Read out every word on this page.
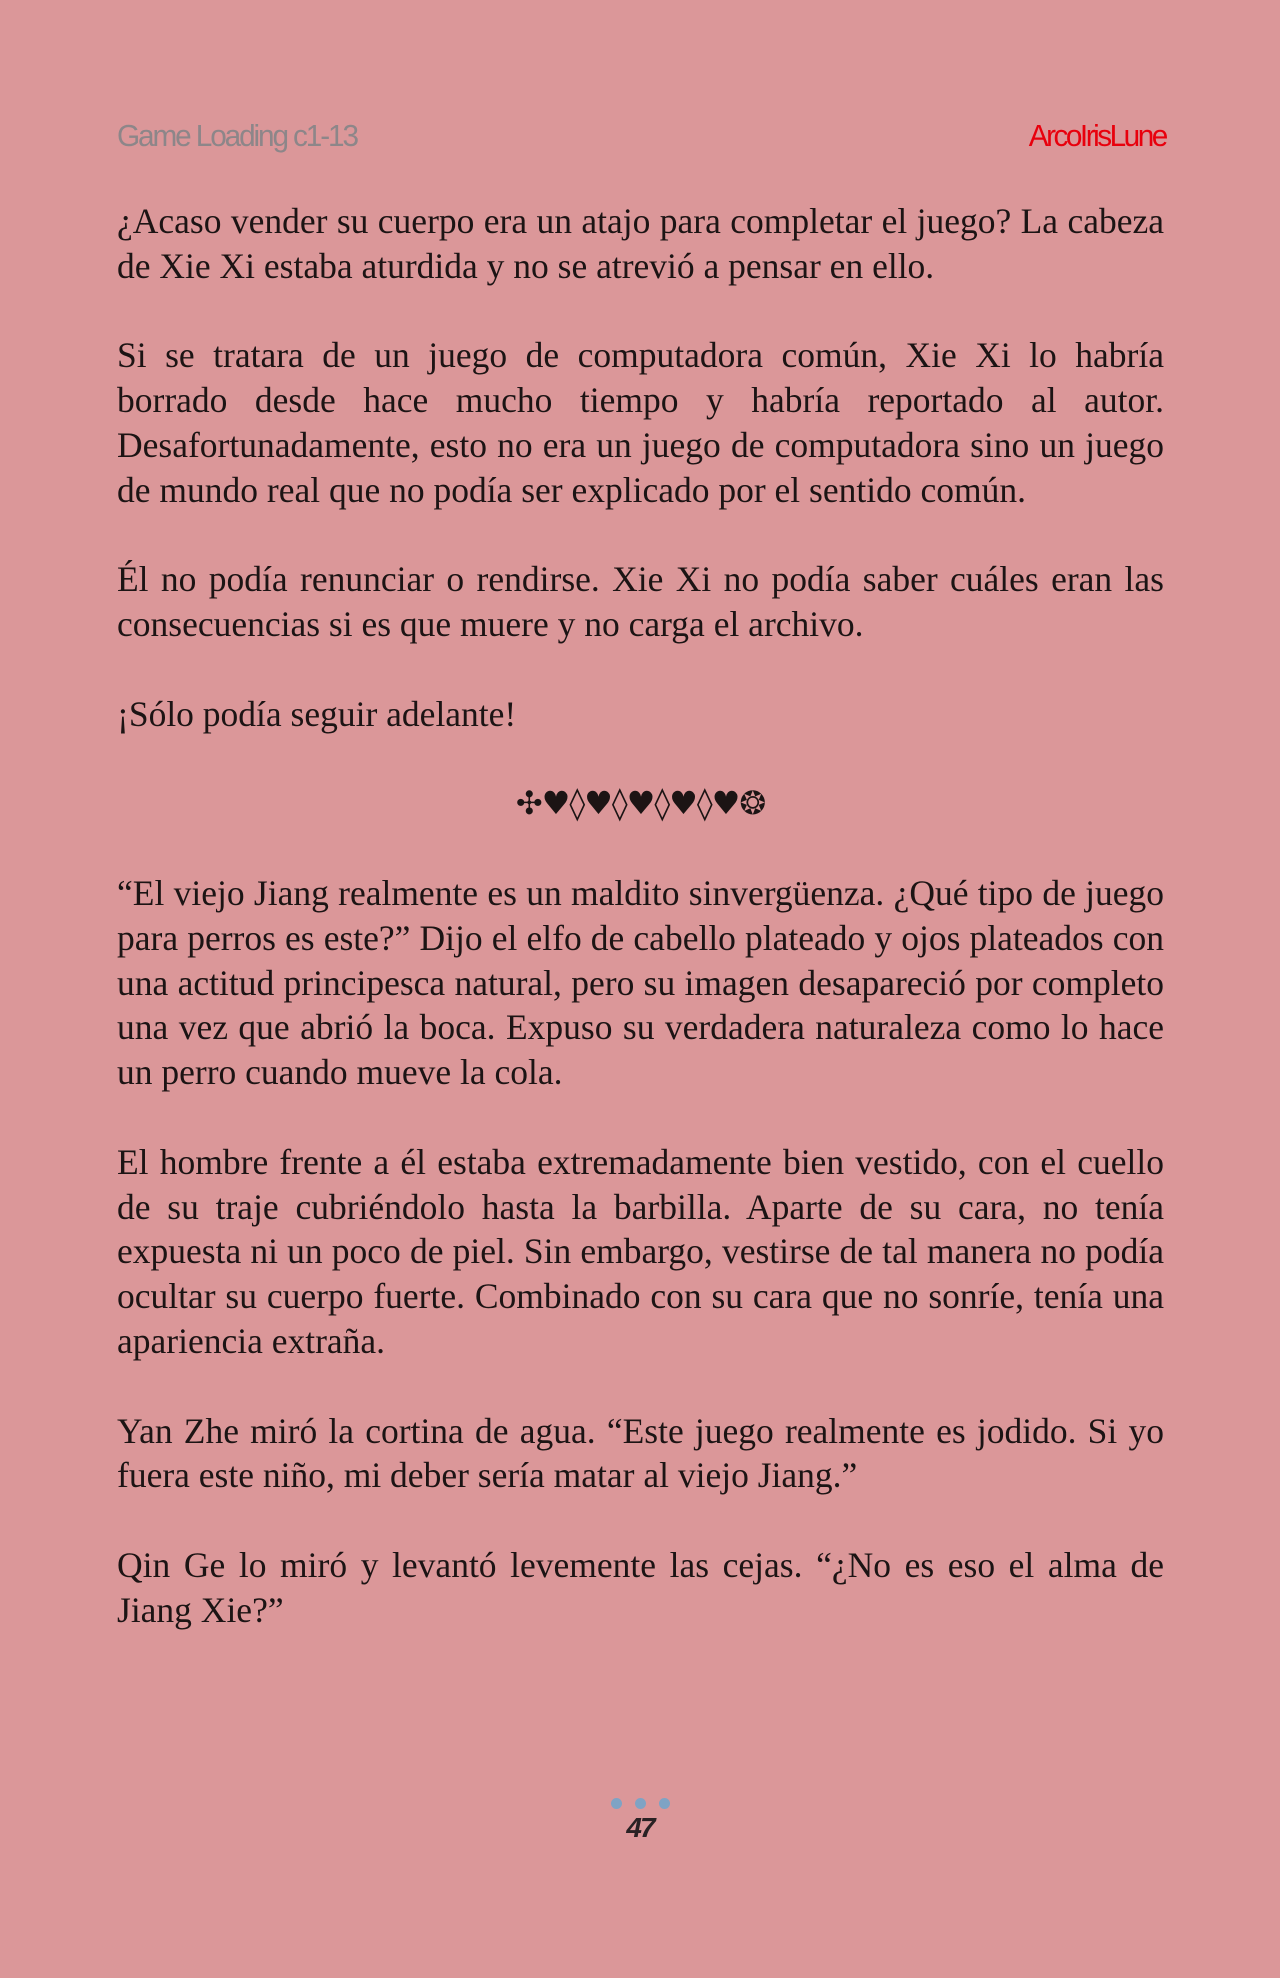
Game Loading c1-13	ArcoIrisLune

¿Acaso vender su cuerpo era un atajo para completar el juego? La cabeza de Xie Xi estaba aturdida y no se atrevió a pensar en ello.

Si se tratara de un juego de computadora común, Xie Xi lo habría borrado desde hace mucho tiempo y habría reportado al autor. Desafortunadamente, esto no era un juego de computadora sino un juego de mundo real que no podía ser explicado por el sentido común.

Él no podía renunciar o rendirse. Xie Xi no podía saber cuáles eran las consecuencias si es que muere y no carga el archivo.

¡Sólo podía seguir adelante!

✣♥◊♥◊♥◊♥◊♥❂

“El viejo Jiang realmente es un maldito sinvergüenza. ¿Qué tipo de juego para perros es este?” Dijo el elfo de cabello plateado y ojos plateados con una actitud principesca natural, pero su imagen desapareció por completo una vez que abrió la boca. Expuso su verdadera naturaleza como lo hace un perro cuando mueve la cola.

El hombre frente a él estaba extremadamente bien vestido, con el cuello de su traje cubriéndolo hasta la barbilla. Aparte de su cara, no tenía expuesta ni un poco de piel. Sin embargo, vestirse de tal manera no podía ocultar su cuerpo fuerte. Combinado con su cara que no sonríe, tenía una apariencia extraña.

Yan Zhe miró la cortina de agua. “Este juego realmente es jodido. Si yo fuera este niño, mi deber sería matar al viejo Jiang.”

Qin Ge lo miró y levantó levemente las cejas. “¿No es eso el alma de Jiang Xie?”

47
